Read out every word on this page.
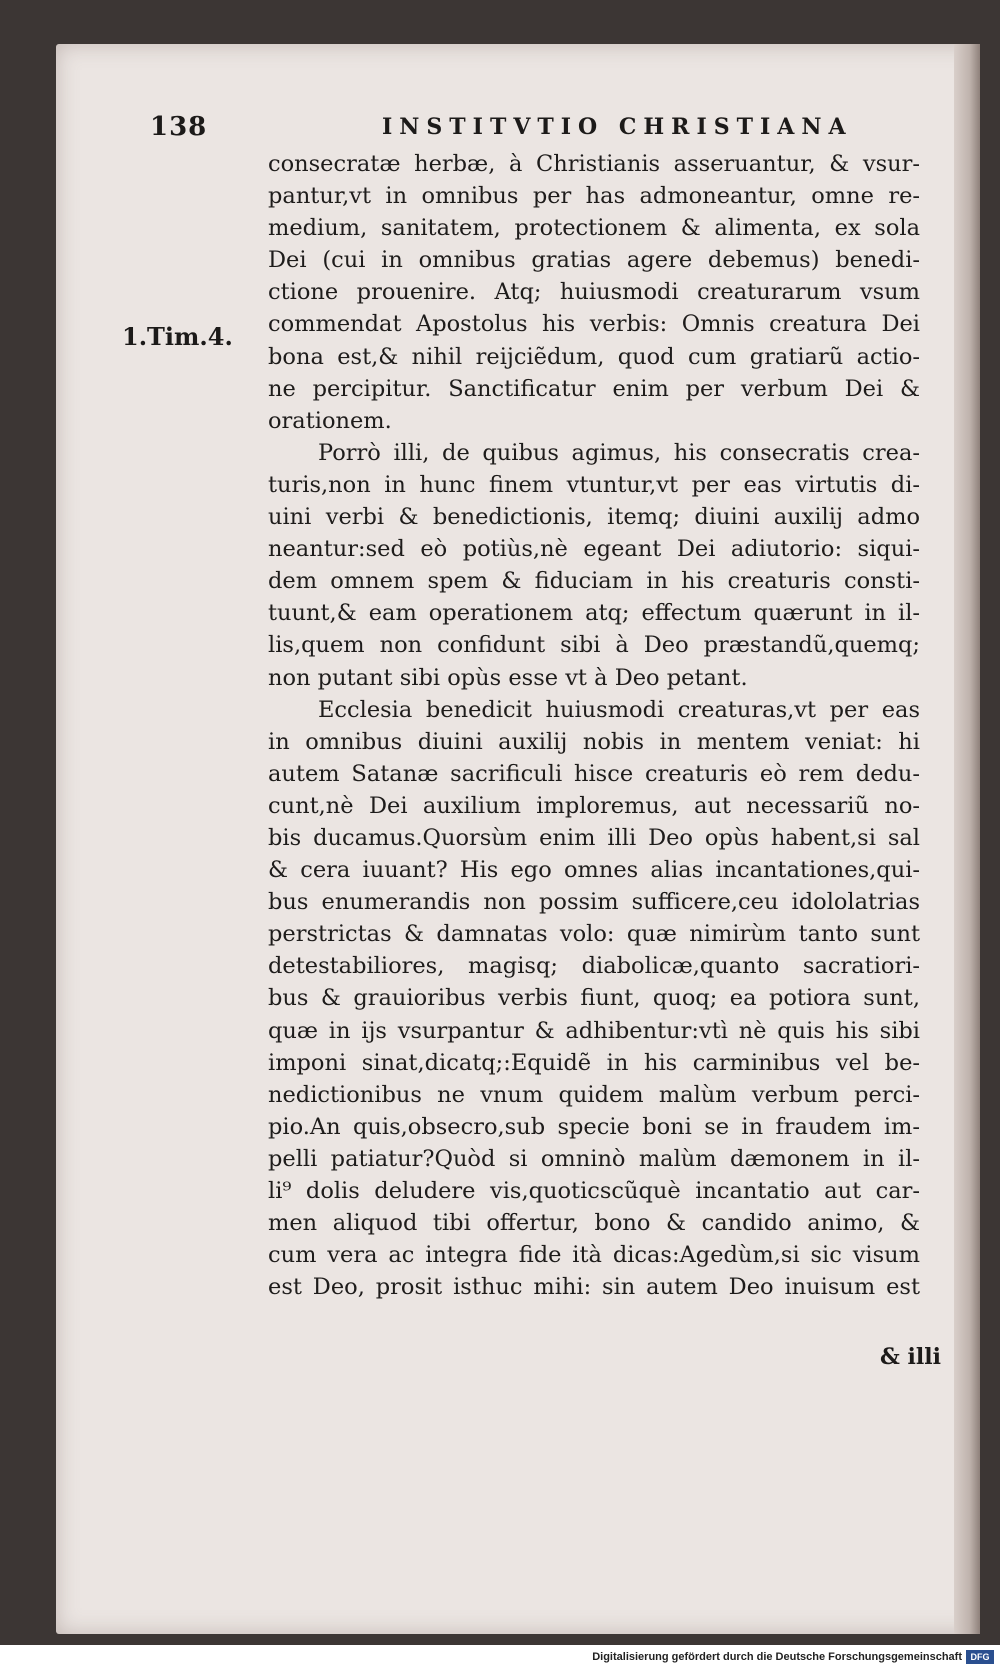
138	INSTITVTIO CHRISTIANA
1.Tim.4.
consecratæ herbæ, à Christianis asseruantur, & vsur-
pantur,vt in omnibus per has admoneantur, omne re-
medium, sanitatem, protectionem & alimenta, ex sola
Dei (cui in omnibus gratias agere debemus) benedi-
ctione prouenire. Atq; huiusmodi creaturarum vsum
commendat Apostolus his verbis: Omnis creatura Dei
bona est,& nihil reijciẽdum, quod cum gratiarũ actio-
ne percipitur. Sanctificatur enim per verbum Dei &
orationem.
Porrò illi, de quibus agimus, his consecratis crea-
turis,non in hunc finem vtuntur,vt per eas virtutis di-
uini verbi & benedictionis, itemq; diuini auxilij admo
neantur:sed eò potiùs,nè egeant Dei adiutorio: siqui-
dem omnem spem & fiduciam in his creaturis consti-
tuunt,& eam operationem atq; effectum quærunt in il-
lis,quem non confidunt sibi à Deo præstandũ,quemq;
non putant sibi opùs esse vt à Deo petant.
Ecclesia benedicit huiusmodi creaturas,vt per eas
in omnibus diuini auxilij nobis in mentem veniat: hi
autem Satanæ sacrificuli hisce creaturis eò rem dedu-
cunt,nè Dei auxilium imploremus, aut necessariũ no-
bis ducamus.Quorsùm enim illi Deo opùs habent,si sal
& cera iuuant? His ego omnes alias incantationes,qui-
bus enumerandis non possim sufficere,ceu idololatrias
perstrictas & damnatas volo: quæ nimirùm tanto sunt
detestabiliores, magisq; diabolicæ,quanto sacratiori-
bus & grauioribus verbis fiunt, quoq; ea potiora sunt,
quæ in ijs vsurpantur & adhibentur:vtì nè quis his sibi
imponi sinat,dicatq;:Equidẽ in his carminibus vel be-
nedictionibus ne vnum quidem malùm verbum perci-
pio.An quis,obsecro,sub specie boni se in fraudem im-
pelli patiatur?Quòd si omninò malùm dæmonem in il-
li⁹ dolis deludere vis,quoticscũquè incantatio aut car-
men aliquod tibi offertur, bono & candido animo, &
cum vera ac integra fide ità dicas:Agedùm,si sic visum
est Deo, prosit isthuc mihi: sin autem Deo inuisum est
& illi
Digitalisierung gefördert durch die Deutsche Forschungsgemeinschaft DFG
